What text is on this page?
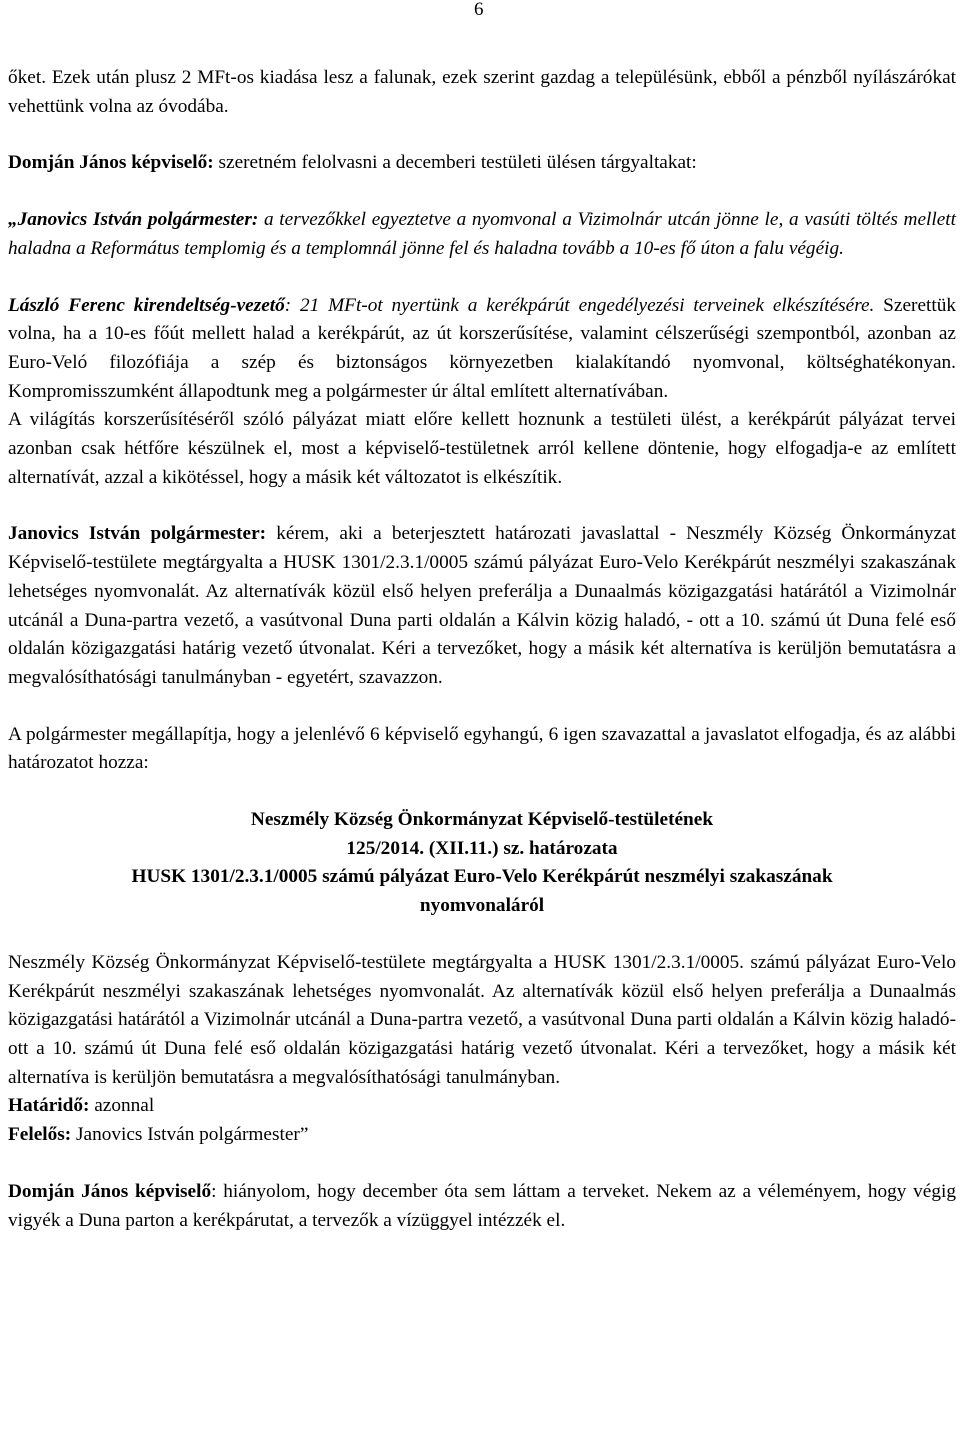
6

őket. Ezek után plusz 2 MFt-os kiadása lesz a falunak, ezek szerint gazdag a településünk, ebből a pénzből nyílászárókat vehettünk volna az óvodába.

Domján János képviselő: szeretném felolvasni a decemberi testületi ülésen tárgyaltakat:

„Janovics István polgármester: a tervezőkkel egyeztetve a nyomvonal a Vizimolnár utcán jönne le, a vasúti töltés mellett haladna a Református templomig és a templomnál jönne fel és haladna tovább a 10-es fő úton a falu végéig.

László Ferenc kirendeltség-vezető: 21 MFt-ot nyertünk a kerékpárút engedélyezési terveinek elkészítésére. Szerettük volna, ha a 10-es főút mellett halad a kerékpárút, az út korszerűsítése, valamint célszerűségi szempontból, azonban az Euro-Veló filozófiája a szép és biztonságos környezetben kialakítandó nyomvonal, költséghatékonyan. Kompromisszumként állapodtunk meg a polgármester úr által említett alternatívában.

A világítás korszerűsítéséről szóló pályázat miatt előre kellett hoznunk a testületi ülést, a kerékpárút pályázat tervei azonban csak hétfőre készülnek el, most a képviselő-testületnek arról kellene döntenie, hogy elfogadja-e az említett alternatívát, azzal a kikötéssel, hogy a másik két változatot is elkészítik.

Janovics István polgármester: kérem, aki a beterjesztett határozati javaslattal - Neszmély Község Önkormányzat Képviselő-testülete megtárgyalta a HUSK 1301/2.3.1/0005 számú pályázat Euro-Velo Kerékpárút neszmélyi szakaszának lehetséges nyomvonalát. Az alternatívák közül első helyen preferálja a Dunaalmás közigazgatási határától a Vizimolnár utcánál a Duna-partra vezető, a vasútvonal Duna parti oldalán a Kálvin közig haladó, - ott a 10. számú út Duna felé eső oldalán közigazgatási határig vezető útvonalat. Kéri a tervezőket, hogy a másik két alternatíva is kerüljön bemutatásra a megvalósíthatósági tanulmányban - egyetért, szavazzon.

A polgármester megállapítja, hogy a jelenlévő 6 képviselő egyhangú, 6 igen szavazattal a javaslatot elfogadja, és az alábbi határozatot hozza:

Neszmély Község Önkormányzat Képviselő-testületének

125/2014. (XII.11.) sz. határozata

HUSK 1301/2.3.1/0005 számú pályázat Euro-Velo Kerékpárút neszmélyi szakaszának

nyomvonaláról

Neszmély Község Önkormányzat Képviselő-testülete megtárgyalta a HUSK 1301/2.3.1/0005. számú pályázat Euro-Velo Kerékpárút neszmélyi szakaszának lehetséges nyomvonalát. Az alternatívák közül első helyen preferálja a Dunaalmás közigazgatási határától a Vizimolnár utcánál a Duna-partra vezető, a vasútvonal Duna parti oldalán a Kálvin közig haladó- ott a 10. számú út Duna felé eső oldalán közigazgatási határig vezető útvonalat. Kéri a tervezőket, hogy a másik két alternatíva is kerüljön bemutatásra a megvalósíthatósági tanulmányban.

Határidő: azonnal

Felelős: Janovics István polgármester”

Domján János képviselő: hiányolom, hogy december óta sem láttam a terveket. Nekem az a véleményem, hogy végig vigyék a Duna parton a kerékpárutat, a tervezők a vízüggyel intézzék el.
